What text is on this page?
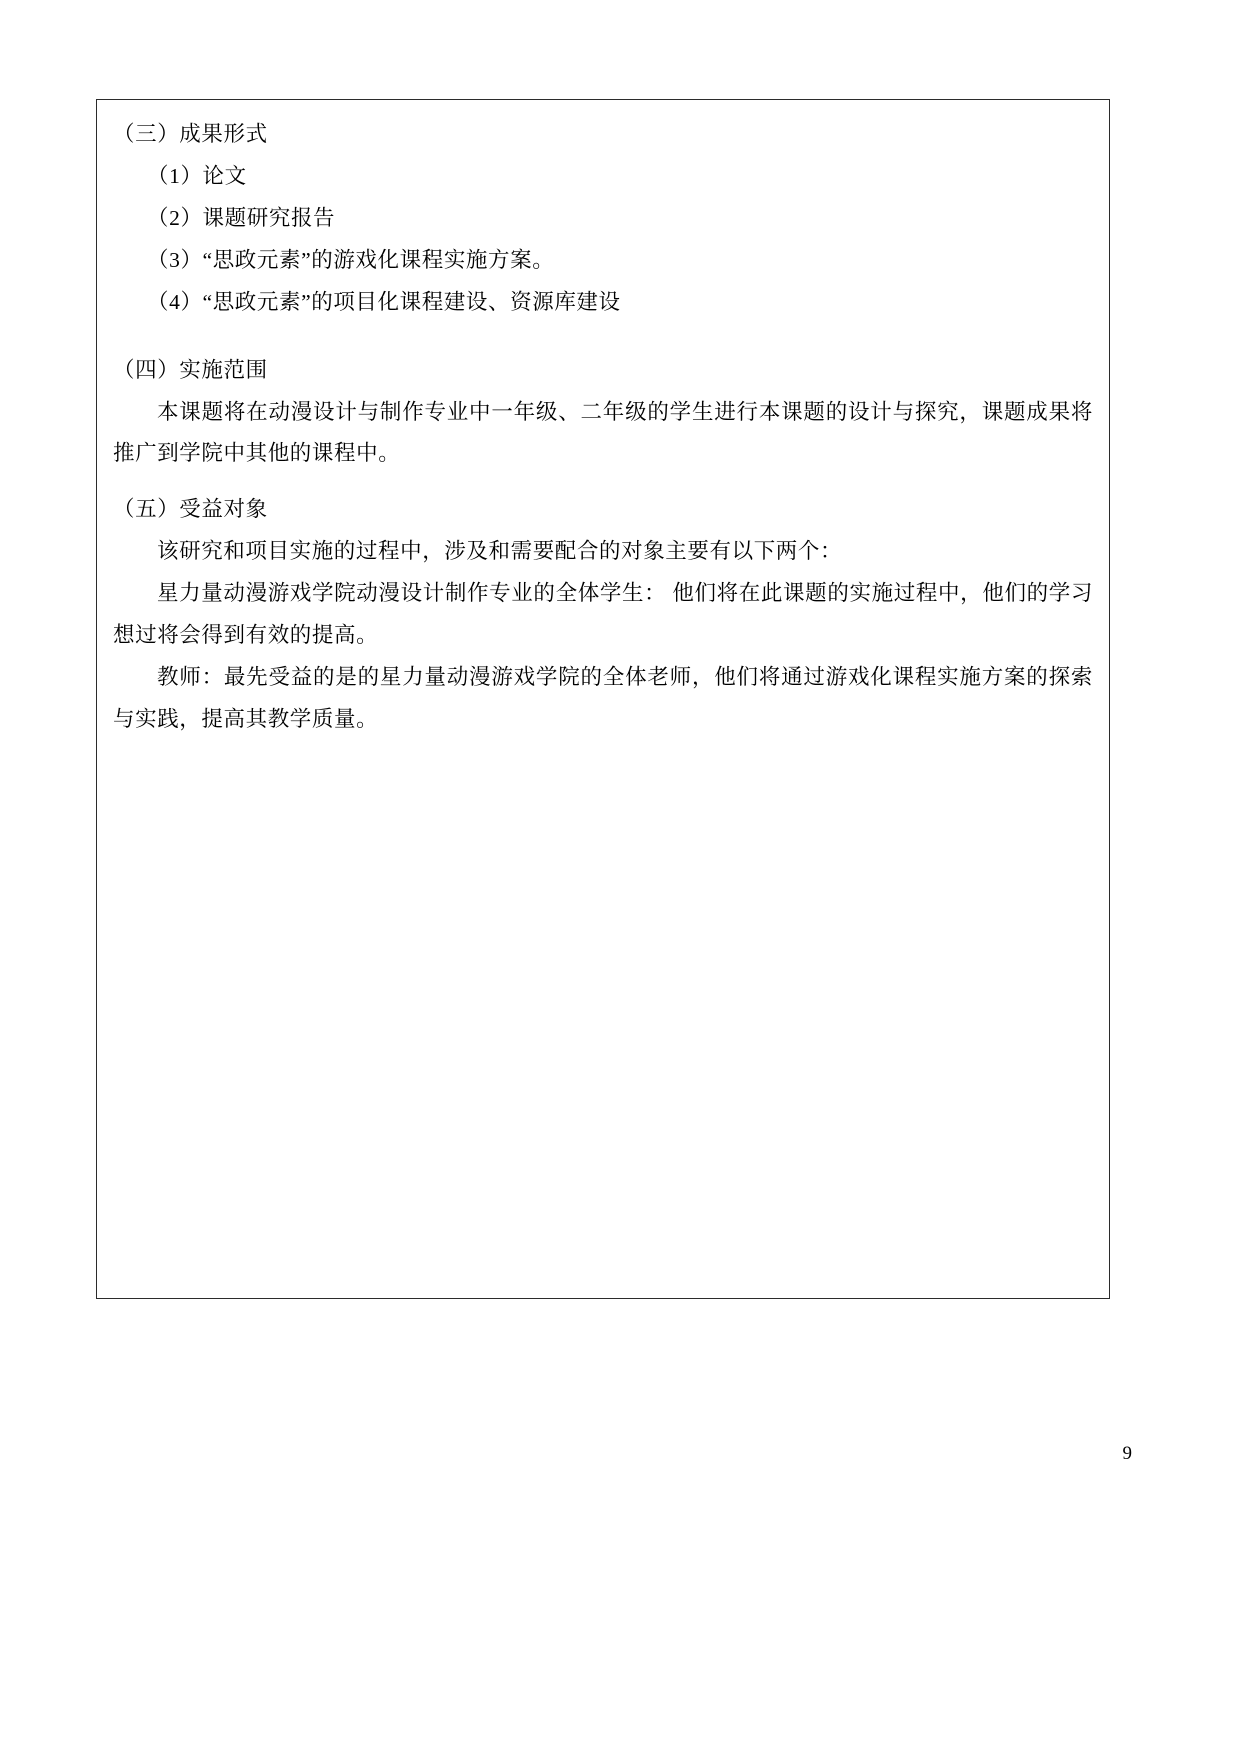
（三）成果形式

（1）论文

（2）课题研究报告

（3）“思政元素”的游戏化课程实施方案。

（4）“思政元素”的项目化课程建设、资源库建设

（四）实施范围

本课题将在动漫设计与制作专业中一年级、二年级的学生进行本课题的设计与探究，课题成果将推广到学院中其他的课程中。

（五）受益对象

该研究和项目实施的过程中，涉及和需要配合的对象主要有以下两个：

星力量动漫游戏学院动漫设计制作专业的全体学生： 他们将在此课题的实施过程中，他们的学习想过将会得到有效的提高。

教师：最先受益的是的星力量动漫游戏学院的全体老师，他们将通过游戏化课程实施方案的探索与实践，提高其教学质量。

9
